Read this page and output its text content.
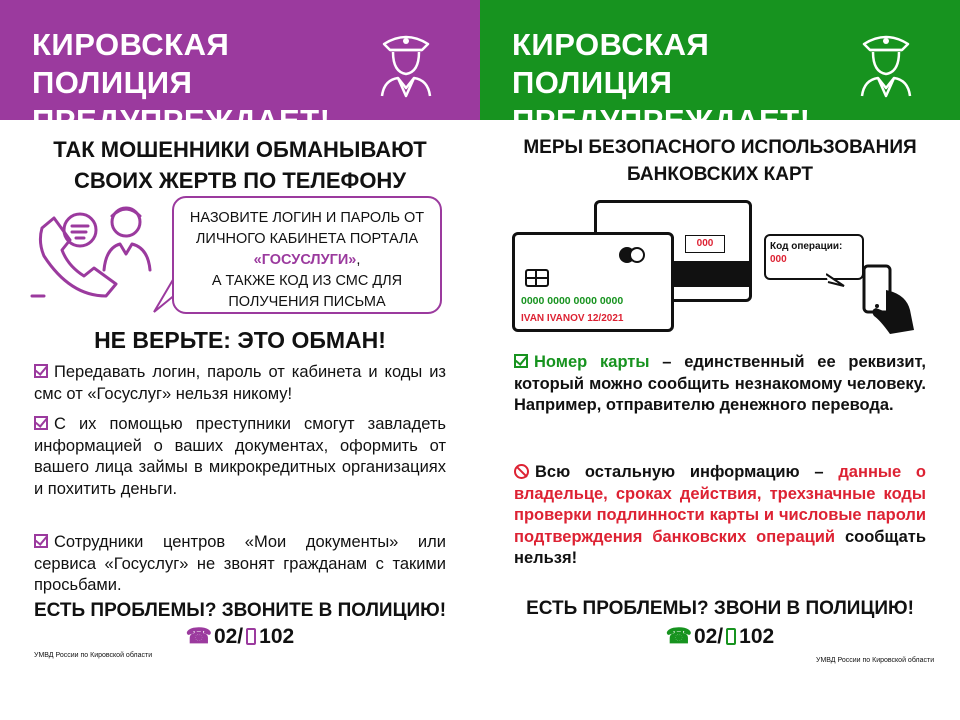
КИРОВСКАЯ ПОЛИЦИЯ
ПРЕДУПРЕЖДАЕТ!
ТАК МОШЕННИКИ ОБМАНЫВАЮТ
СВОИХ ЖЕРТВ ПО ТЕЛЕФОНУ
НАЗОВИТЕ ЛОГИН И ПАРОЛЬ ОТ
ЛИЧНОГО КАБИНЕТА ПОРТАЛА
«ГОСУСЛУГИ»,
А ТАКЖЕ КОД ИЗ СМС ДЛЯ
ПОЛУЧЕНИЯ ПИСЬМА
НЕ ВЕРЬТЕ: ЭТО ОБМАН!
Передавать логин, пароль от кабинета и коды из смс от «Госуслуг» нельзя никому!
С их помощью преступники смогут завладеть информацией о ваших документах, оформить от вашего лица займы в микрокредитных организациях и похитить деньги.
Сотрудники центров «Мои документы» или сервиса «Госуслуг» не звонят гражданам с такими просьбами.
ЕСТЬ ПРОБЛЕМЫ? ЗВОНИТЕ В ПОЛИЦИЮ!
☎02/ 102
УМВД России по Кировской области
КИРОВСКАЯ ПОЛИЦИЯ
ПРЕДУПРЕЖДАЕТ!
МЕРЫ БЕЗОПАСНОГО ИСПОЛЬЗОВАНИЯ
БАНКОВСКИХ КАРТ
000
0000 0000 0000 0000
IVAN IVANOV 12/2021
Код операции:
000
Номер карты – единственный ее реквизит, который можно сообщить незнакомому человеку. Например, отправителю денежного перевода.
Всю остальную информацию – данные о владельце, сроках действия, трехзначные коды проверки подлинности карты и числовые пароли подтверждения банковских операций сообщать нельзя!
ЕСТЬ ПРОБЛЕМЫ? ЗВОНИ В ПОЛИЦИЮ!
☎02/ 102
УМВД России по Кировской области
